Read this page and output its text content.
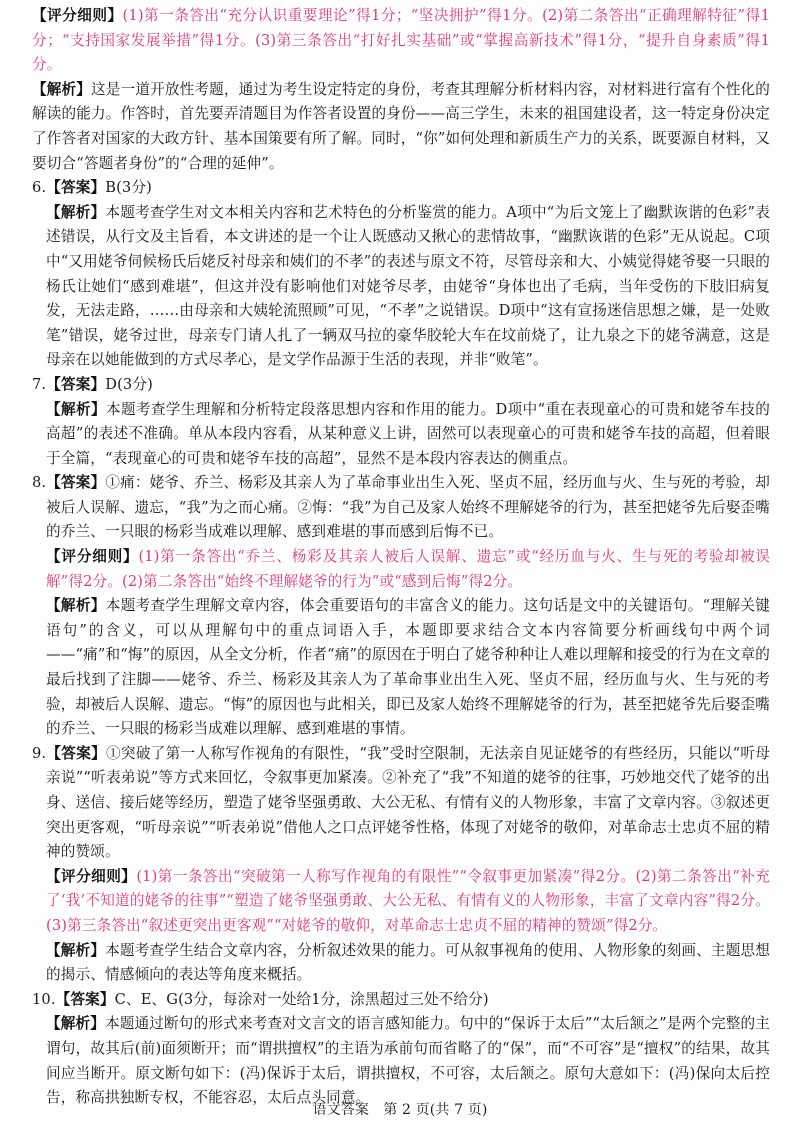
【评分细则】(1)第一条答出“充分认识重要理论”得1分；“坚决拥护”得1分。(2)第二条答出“正确理解特征”得1分；“支持国家发展举措”得1分。(3)第三条答出“打好扎实基础”或“掌握高新技术”得1分，“提升自身素质”得1分。

【解析】这是一道开放性考题，通过为考生设定特定的身份，考查其理解分析材料内容，对材料进行富有个性化的解读的能力。作答时，首先要弄清题目为作答者设置的身份——高三学生，未来的祖国建设者，这一特定身份决定了作答者对国家的大政方针、基本国策要有所了解。同时，“你”如何处理和新质生产力的关系，既要源自材料，又要切合“答题者身份”的“合理的延伸”。

6.【答案】B(3分)

【解析】本题考查学生对文本相关内容和艺术特色的分析鉴赏的能力。A项中“为后文笼上了幽默诙谐的色彩”表述错误，从行文及主旨看，本文讲述的是一个让人既感动又揪心的悲情故事，“幽默诙谐的色彩”无从说起。C项中“又用姥爷伺候杨氏后姥反衬母亲和姨们的不孝”的表述与原文不符，尽管母亲和大、小姨觉得姥爷娶一只眼的杨氏让她们“感到难堪”，但这并没有影响他们对姥爷尽孝，由姥爷“身体也出了毛病，当年受伤的下肢旧病复发，无法走路，……由母亲和大姨轮流照顾”可见，“不孝”之说错误。D项中“这有宣扬迷信思想之嫌，是一处败笔”错误，姥爷过世，母亲专门请人扎了一辆双马拉的豪华胶轮大车在坟前烧了，让九泉之下的姥爷满意，这是母亲在以她能做到的方式尽孝心，是文学作品源于生活的表现，并非“败笔”。

7.【答案】D(3分)

【解析】本题考查学生理解和分析特定段落思想内容和作用的能力。D项中“重在表现童心的可贵和姥爷车技的高超”的表述不准确。单从本段内容看，从某种意义上讲，固然可以表现童心的可贵和姥爷车技的高超，但着眼于全篇，“表现童心的可贵和姥爷车技的高超”，显然不是本段内容表达的侧重点。

8.【答案】①痛：姥爷、乔兰、杨彩及其亲人为了革命事业出生入死、坚贞不屈，经历血与火、生与死的考验，却被后人误解、遗忘，“我”为之而心痛。②悔：“我”为自己及家人始终不理解姥爷的行为，甚至把姥爷先后娶歪嘴的乔兰、一只眼的杨彩当成难以理解、感到难堪的事而感到后悔不已。

【评分细则】(1)第一条答出“乔兰、杨彩及其亲人被后人误解、遗忘”或“经历血与火、生与死的考验却被误解”得2分。(2)第二条答出“始终不理解姥爷的行为”或“感到后悔”得2分。

【解析】本题考查学生理解文章内容，体会重要语句的丰富含义的能力。这句话是文中的关键语句。“理解关键语句”的含义，可以从理解句中的重点词语入手，本题即要求结合文本内容简要分析画线句中两个词——“痛”和“悔”的原因，从全文分析，作者“痛”的原因在于明白了姥爷种种让人难以理解和接受的行为在文章的最后找到了注脚——姥爷、乔兰、杨彩及其亲人为了革命事业出生入死、坚贞不屈，经历血与火、生与死的考验，却被后人误解、遗忘。“悔”的原因也与此相关，即已及家人始终不理解姥爷的行为，甚至把姥爷先后娶歪嘴的乔兰、一只眼的杨彩当成难以理解、感到难堪的事情。

9.【答案】①突破了第一人称写作视角的有限性，“我”受时空限制，无法亲自见证姥爷的有些经历，只能以“听母亲说”“听表弟说”等方式来回忆，令叙事更加紧凑。②补充了“我”不知道的姥爷的往事，巧妙地交代了姥爷的出身、送信、接后姥等经历，塑造了姥爷坚强勇敢、大公无私、有情有义的人物形象，丰富了文章内容。③叙述更突出更客观，“听母亲说”“听表弟说”借他人之口点评姥爷性格，体现了对姥爷的敬仰，对革命志士忠贞不屈的精神的赞颂。

【评分细则】(1)第一条答出“突破第一人称写作视角的有限性”“令叙事更加紧凑”得2分。(2)第二条答出“补充了‘我’不知道的姥爷的往事”“塑造了姥爷坚强勇敢、大公无私、有情有义的人物形象，丰富了文章内容”得2分。(3)第三条答出“叙述更突出更客观”“对姥爷的敬仰，对革命志士忠贞不屈的精神的赞颂”得2分。

【解析】本题考查学生结合文章内容，分析叙述效果的能力。可从叙事视角的使用、人物形象的刻画、主题思想的揭示、情感倾向的表达等角度来概括。

10.【答案】C、E、G(3分，每涂对一处给1分，涂黑超过三处不给分)

【解析】本题通过断句的形式来考查对文言文的语言感知能力。句中的“保诉于太后”“太后颔之”是两个完整的主谓句，故其后(前)面须断开；而“谓拱擅权”的主语为承前句而省略了的“保”，而“不可容”是“擅权”的结果，故其间应当断开。原文断句如下：(冯)保诉于太后，谓拱擅权，不可容，太后颔之。原句大意如下：(冯)保向太后控告，称高拱独断专权，不能容忍，太后点头同意。

语文答案　第 2 页(共 7 页)
